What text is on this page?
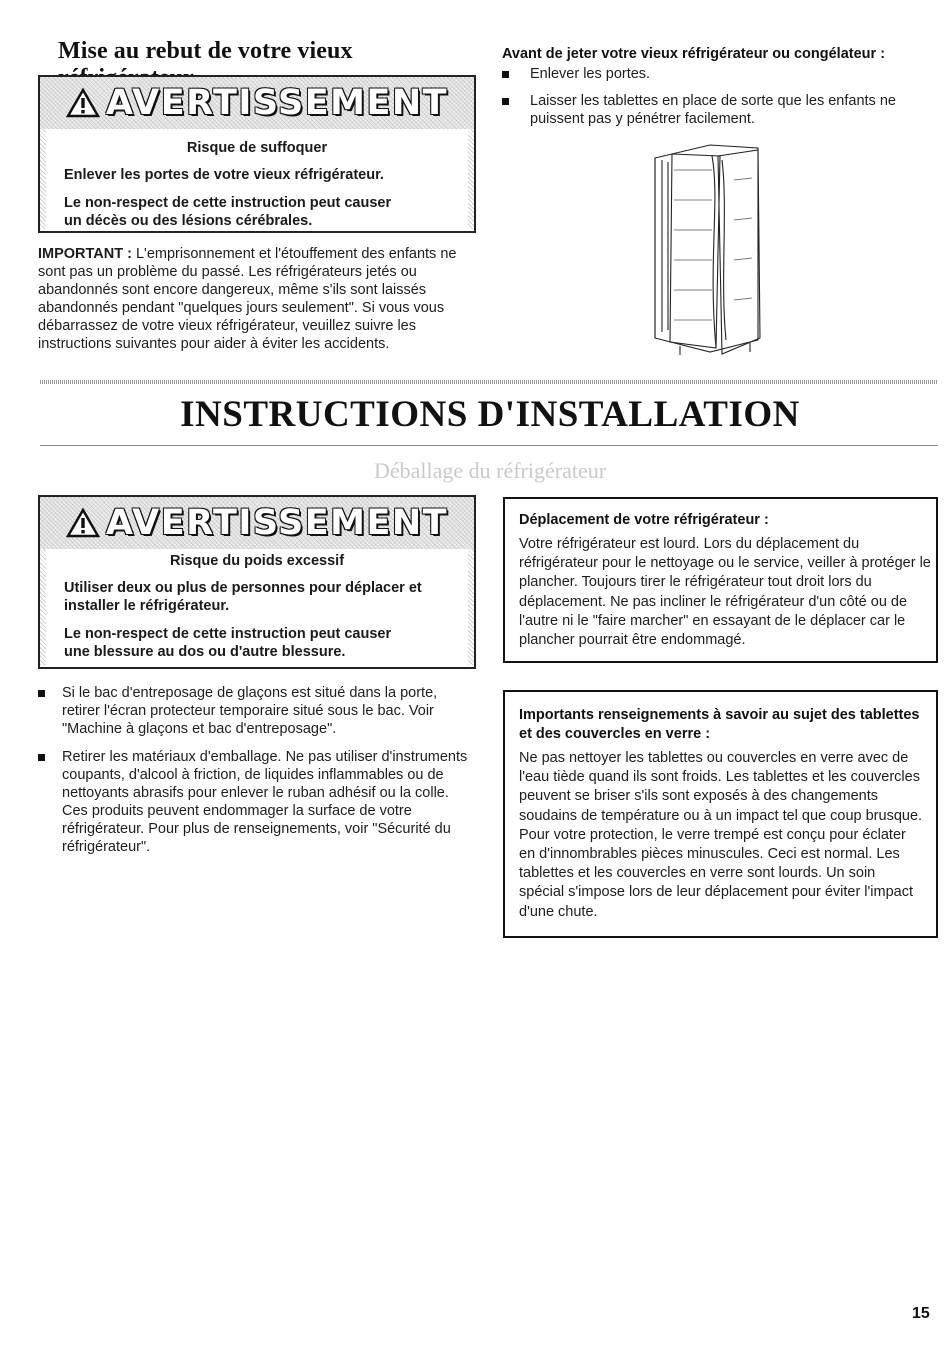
Mise au rebut de votre vieux
AVERTISSEMENT
Risque de suffoquer
Enlever les portes de votre vieux réfrigérateur.
Le non-respect de cette instruction peut causer
un décès ou des lésions cérébrales.
IMPORTANT : L'emprisonnement et l'étouffement des enfants ne sont pas un problème du passé. Les réfrigérateurs jetés ou abandonnés sont encore dangereux, même s'ils sont laissés abandonnés pendant "quelques jours seulement". Si vous vous débarrassez de votre vieux réfrigérateur, veuillez suivre les instructions suivantes pour aider à éviter les accidents.
Avant de jeter votre vieux réfrigérateur ou congélateur :
Enlever les portes.
Laisser les tablettes en place de sorte que les enfants ne puissent pas y pénétrer facilement.
INSTRUCTIONS D'INSTALLATION
Déballage du réfrigérateur
AVERTISSEMENT
Risque du poids excessif
Utiliser deux ou plus de personnes pour déplacer et
installer le réfrigérateur.
Le non-respect de cette instruction peut causer
une blessure au dos ou d'autre blessure.
Si le bac d'entreposage de glaçons est situé dans la porte, retirer l'écran protecteur temporaire situé sous le bac. Voir "Machine à glaçons et bac d'entreposage".
Retirer les matériaux d'emballage. Ne pas utiliser d'instruments coupants, d'alcool à friction, de liquides inflammables ou de nettoyants abrasifs pour enlever le ruban adhésif ou la colle. Ces produits peuvent endommager la surface de votre réfrigérateur. Pour plus de renseignements, voir "Sécurité du réfrigérateur".
Déplacement de votre réfrigérateur :
Votre réfrigérateur est lourd. Lors du déplacement du réfrigérateur pour le nettoyage ou le service, veiller à protéger le plancher. Toujours tirer le réfrigérateur tout droit lors du déplacement. Ne pas incliner le réfrigérateur d'un côté ou de l'autre ni le "faire marcher" en essayant de le déplacer car le plancher pourrait être endommagé.
Importants renseignements à savoir au sujet des tablettes et des couvercles en verre :
Ne pas nettoyer les tablettes ou couvercles en verre avec de l'eau tiède quand ils sont froids. Les tablettes et les couvercles peuvent se briser s'ils sont exposés à des changements soudains de température ou à un impact tel que coup brusque. Pour votre protection, le verre trempé est conçu pour éclater en d'innombrables pièces minuscules. Ceci est normal. Les tablettes et les couvercles en verre sont lourds. Un soin spécial s'impose lors de leur déplacement pour éviter l'impact d'une chute.
15
